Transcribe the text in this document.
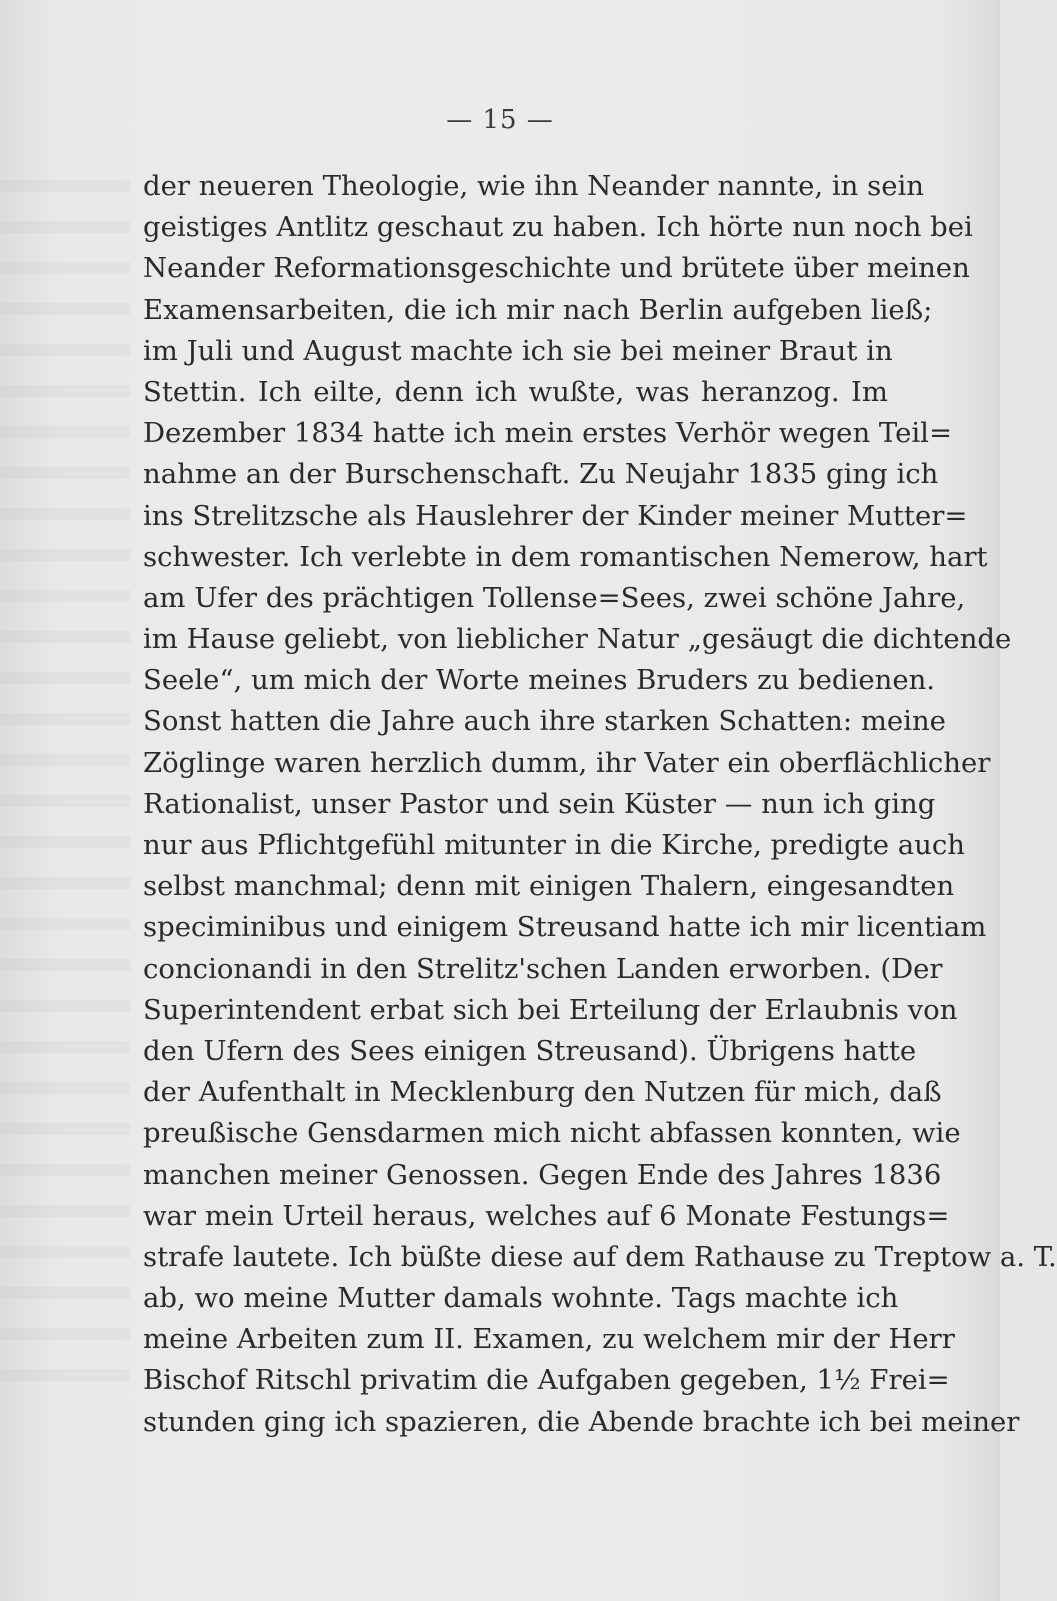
— 15 —
der neueren Theologie, wie ihn Neander nannte, in sein
geistiges Antlitz geschaut zu haben. Ich hörte nun noch bei
Neander Reformationsgeschichte und brütete über meinen
Examensarbeiten, die ich mir nach Berlin aufgeben ließ;
im Juli und August machte ich sie bei meiner Braut in
Stettin. Ich eilte, denn ich wußte, was heranzog. Im
Dezember 1834 hatte ich mein erstes Verhör wegen Teil=
nahme an der Burschenschaft. Zu Neujahr 1835 ging ich
ins Strelitzsche als Hauslehrer der Kinder meiner Mutter=
schwester. Ich verlebte in dem romantischen Nemerow, hart
am Ufer des prächtigen Tollense=Sees, zwei schöne Jahre,
im Hause geliebt, von lieblicher Natur „gesäugt die dichtende
Seele“, um mich der Worte meines Bruders zu bedienen.
Sonst hatten die Jahre auch ihre starken Schatten: meine
Zöglinge waren herzlich dumm, ihr Vater ein oberflächlicher
Rationalist, unser Pastor und sein Küster — nun ich ging
nur aus Pflichtgefühl mitunter in die Kirche, predigte auch
selbst manchmal; denn mit einigen Thalern, eingesandten
speciminibus und einigem Streusand hatte ich mir licentiam
concionandi in den Strelitz'schen Landen erworben. (Der
Superintendent erbat sich bei Erteilung der Erlaubnis von
den Ufern des Sees einigen Streusand). Übrigens hatte
der Aufenthalt in Mecklenburg den Nutzen für mich, daß
preußische Gensdarmen mich nicht abfassen konnten, wie
manchen meiner Genossen. Gegen Ende des Jahres 1836
war mein Urteil heraus, welches auf 6 Monate Festungs=
strafe lautete. Ich büßte diese auf dem Rathause zu Treptow a. T.
ab, wo meine Mutter damals wohnte. Tags machte ich
meine Arbeiten zum II. Examen, zu welchem mir der Herr
Bischof Ritschl privatim die Aufgaben gegeben, 1½ Frei=
stunden ging ich spazieren, die Abende brachte ich bei meiner
